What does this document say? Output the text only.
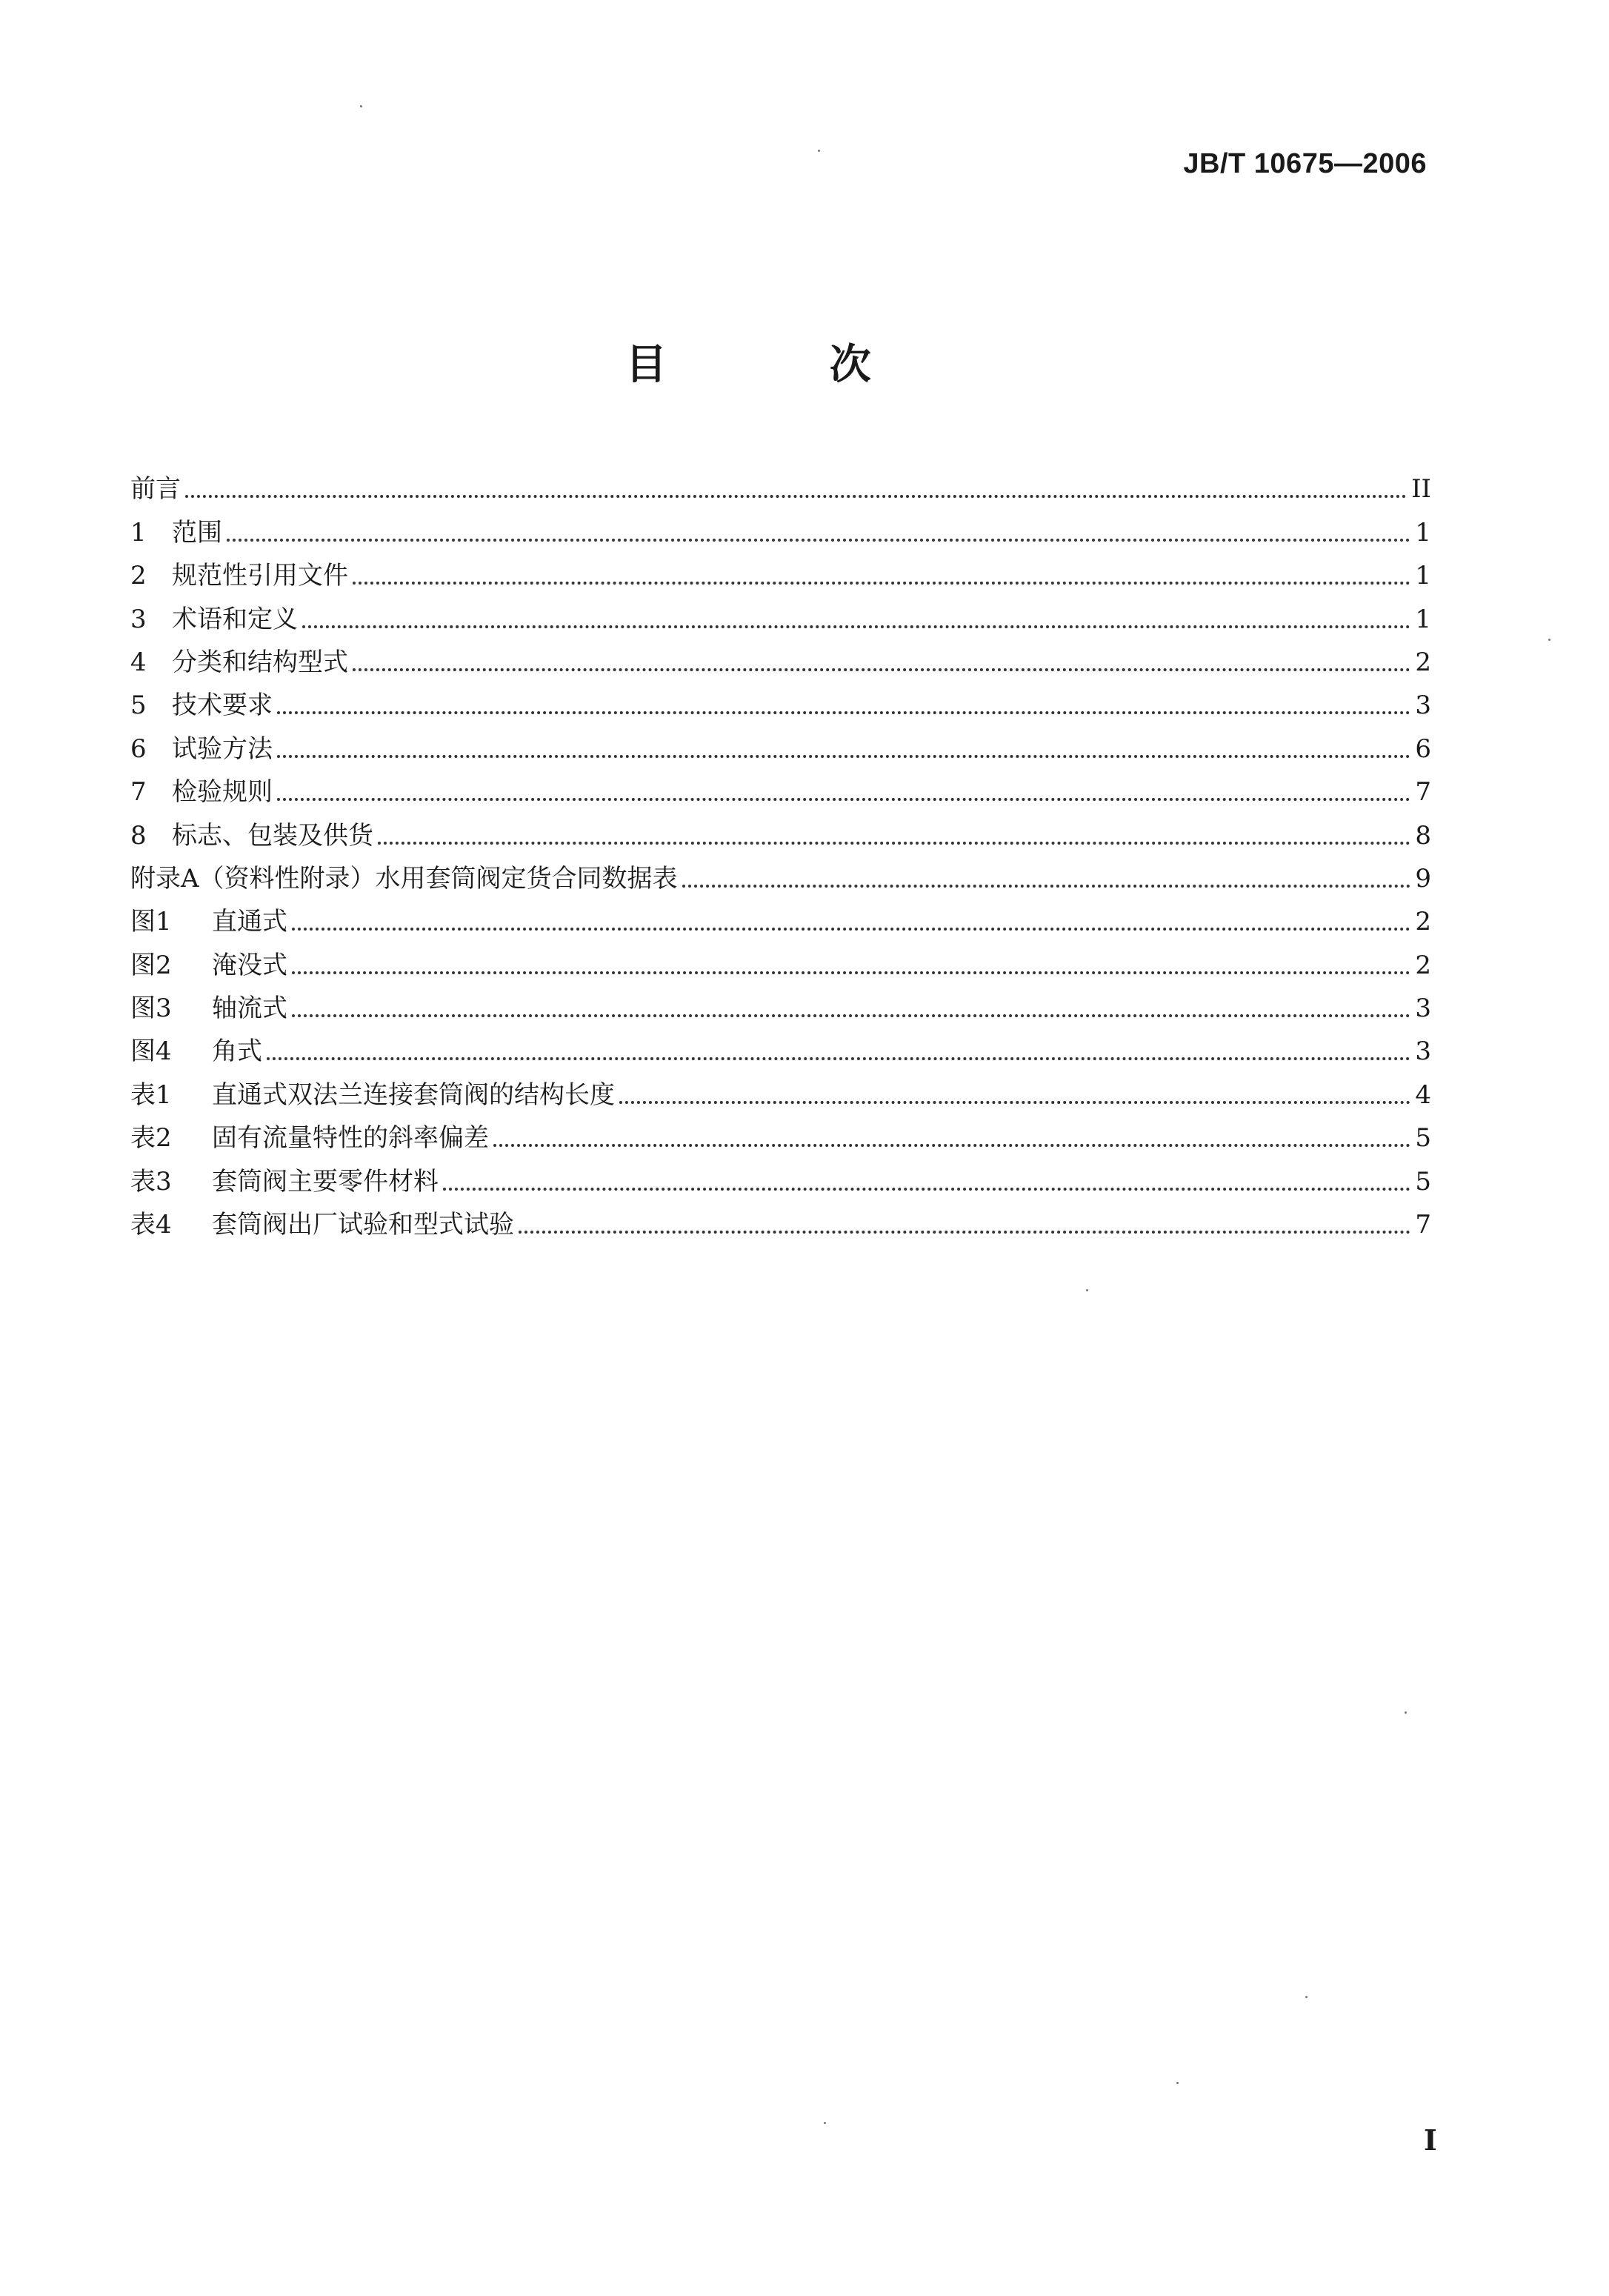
JB/T 10675—2006
目 次
前言	II
1	范围	1
2	规范性引用文件	1
3	术语和定义	1
4	分类和结构型式	2
5	技术要求	3
6	试验方法	6
7	检验规则	7
8	标志、包装及供货	8
附录A（资料性附录）水用套筒阀定货合同数据表	9
图1	直通式	2
图2	淹没式	2
图3	轴流式	3
图4	角式	3
表1	直通式双法兰连接套筒阀的结构长度	4
表2	固有流量特性的斜率偏差	5
表3	套筒阀主要零件材料	5
表4	套筒阀出厂试验和型式试验	7
I
